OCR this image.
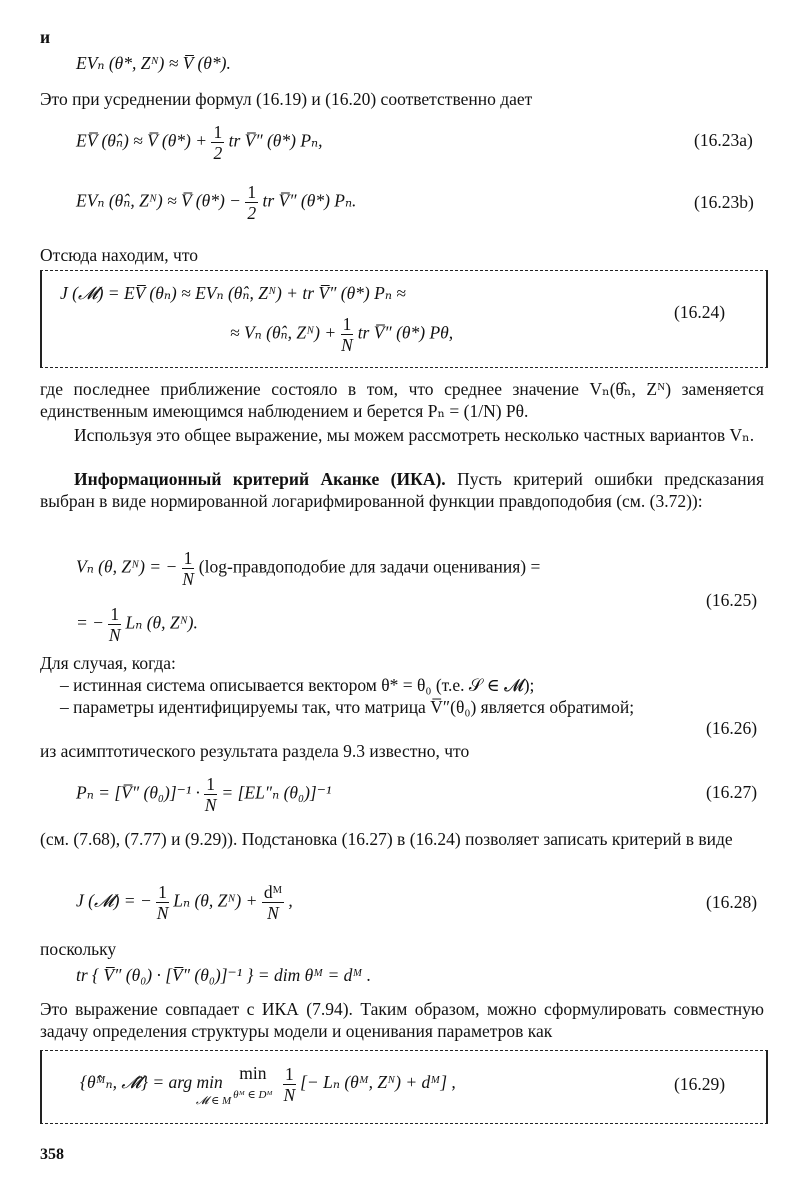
и
EVₙ (θ*, Zᴺ) ≈ V̅ (θ*).
Это при усреднении формул (16.19) и (16.20) соответственно дает
EV̅ (θ̂ₙ) ≈ V̅ $(\theta*) + \frac{1}{2}$ tr V̅″ (θ*) Pₙ,	(16.23a)
EVₙ (θ̂ₙ, Zᴺ) ≈ V̅ $(\theta*) - \frac{1}{2}$ tr V̅″ (θ*) Pₙ.	(16.23b)
Отсюда находим, что
J (𝓜) = EV̅ (θₙ) ≈ EVₙ (θ̂ₙ, Zᴺ) + tr V̅″ (θ*) Pₙ ≈
≈ Vₙ (θ̂ₙ, Zᴺ) + $\frac{1}{N}$ tr V̅″ (θ*) Pθ,
(16.24)
где последнее приближение состояло в том, что среднее значение Vₙ(θ̂ₙ, Zᴺ) заменяется единственным имеющимся наблюдением и берется Pₙ = (1/N) Pθ.
Используя это общее выражение, мы можем рассмотреть несколько частных вариантов Vₙ.
Информационный критерий Аканке (ИКА). Пусть критерий ошибки предсказания выбран в виде нормированной логарифмированной функции правдоподобия (см. (3.72)):
Vₙ (θ, Zᴺ) = − $\frac{1}{N}$ (log-правдоподобие для задачи оценивания) =
= − $\frac{1}{N}$ Lₙ (θ, Zᴺ).
(16.25)
Для случая, когда:
– истинная система описывается вектором θ* = θ₀ (т.е. 𝒮 ∈ 𝓜);
– параметры идентифицируемы так, что матрица V̅″(θ₀) является обратимой;
(16.26)
из асимптотического результата раздела 9.3 известно, что
Pₙ = [V̅″ $(\theta_0)]^{-1} \cdot \frac{1}{N} = [EL''_n$ (θ₀)]⁻¹	(16.27)
(см. (7.68), (7.77) и (9.29)). Подстановка (16.27) в (16.24) позволяет записать критерий в виде
J (𝓜) = − $\frac{1}{N}$ Lₙ (θ, Zᴺ) + $\frac{\text{dᴹ}}{N}$ ,	(16.28)
поскольку
tr { V̅″ (θ₀) · [V̅″ (θ₀)]⁻¹ } = dim θᴹ = dᴹ .
Это выражение совпадает с ИКА (7.94). Таким образом, можно сформулировать совместную задачу определения структуры модели и оценивания параметров как
{θ̂ᴹₙ, 𝓜̂} = arg min min
θᴹ ∈ Dᴹ
$\frac{1}{N}$ [− Lₙ (θᴹ, Zᴺ) + dᴹ] ,
𝓜 ∈ M
(16.29)
358
